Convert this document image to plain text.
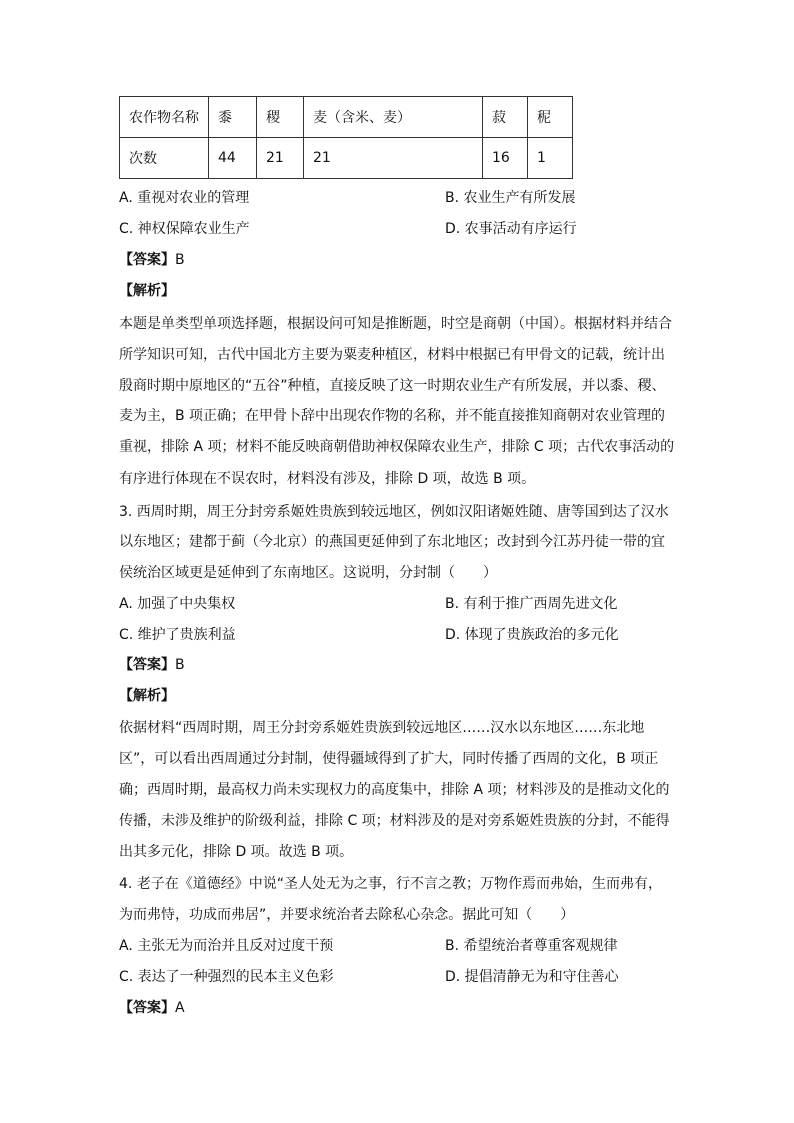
农作物名称	黍	稷	麦（含米、麦）	菽	秜
次数	44	21	21	16	1
A. 重视对农业的管理	B. 农业生产有所发展
C. 神权保障农业生产	D. 农事活动有序运行
【答案】B
【解析】
本题是单类型单项选择题，根据设问可知是推断题，时空是商朝（中国）。根据材料并结合
所学知识可知，古代中国北方主要为粟麦种植区，材料中根据已有甲骨文的记载，统计出
殷商时期中原地区的“五谷”种植，直接反映了这一时期农业生产有所发展，并以黍、稷、
麦为主，B 项正确；在甲骨卜辞中出现农作物的名称，并不能直接推知商朝对农业管理的
重视，排除 A 项；材料不能反映商朝借助神权保障农业生产，排除 C 项；古代农事活动的
有序进行体现在不误农时，材料没有涉及，排除 D 项，故选 B 项。
3. 西周时期，周王分封旁系姬姓贵族到较远地区，例如汉阳诸姬姓随、唐等国到达了汉水
以东地区；建都于蓟（今北京）的燕国更延伸到了东北地区；改封到今江苏丹徒一带的宜
侯统治区域更是延伸到了东南地区。这说明，分封制（　　）
A. 加强了中央集权	B. 有利于推广西周先进文化
C. 维护了贵族利益	D. 体现了贵族政治的多元化
【答案】B
【解析】
依据材料“西周时期，周王分封旁系姬姓贵族到较远地区……汉水以东地区……东北地
区”，可以看出西周通过分封制，使得疆域得到了扩大，同时传播了西周的文化，B 项正
确；西周时期，最高权力尚未实现权力的高度集中，排除 A 项；材料涉及的是推动文化的
传播，未涉及维护的阶级利益，排除 C 项；材料涉及的是对旁系姬姓贵族的分封，不能得
出其多元化，排除 D 项。故选 B 项。
4. 老子在《道德经》中说“圣人处无为之事，行不言之教；万物作焉而弗始，生而弗有，
为而弗恃，功成而弗居”，并要求统治者去除私心杂念。据此可知（　　）
A. 主张无为而治并且反对过度干预	B. 希望统治者尊重客观规律
C. 表达了一种强烈的民本主义色彩	D. 提倡清静无为和守住善心
【答案】A
